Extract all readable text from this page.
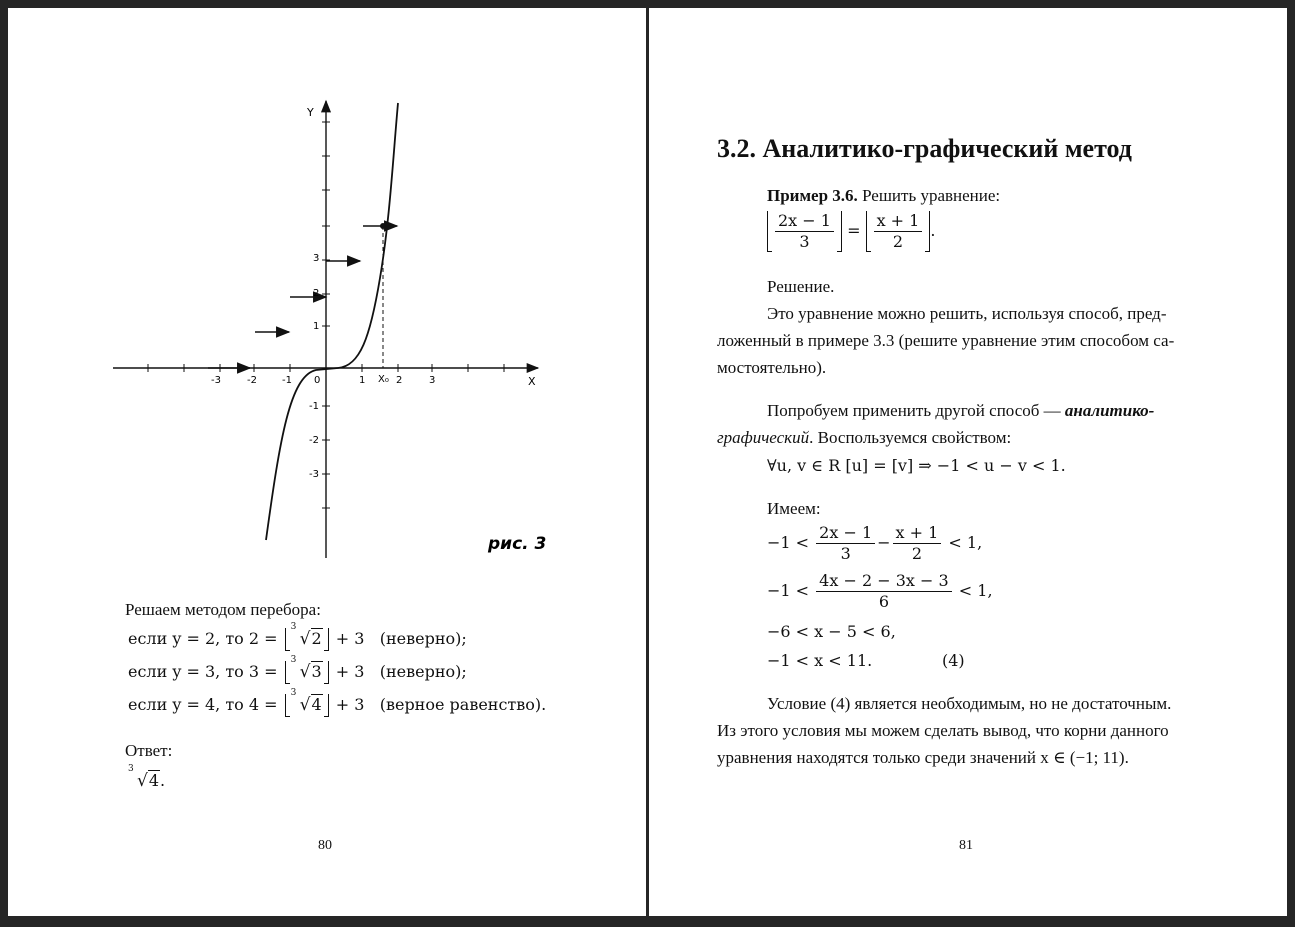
Y
X
-3	-2	-1 0	1	2	3
X₀
1
2
3
-1
-2
-3
рис. 3
Решаем методом перебора:
если y = 2, то 2 =
3
√2 + 3 (неверно);
если y = 3, то 3 =
3
√3 + 3 (неверно);
если y = 4, то 4 =
3
√4 + 3 (верное равенство).
Ответ:
3
√4.
80
3.2. Аналитико-графический метод
Пример 3.6. Решить уравнение:
$\frac{2x - 1}{3} = \frac{x + 1}{2}$ .
Решение.
Это уравнение можно решить, используя способ, пред-
ложенный в примере 3.3 (решите уравнение этим способом са-
мостоятельно).
Попробуем применить другой способ — аналитико-
графический. Воспользуемся свойством:
∀u, v ∈ R [u] = [v] ⇒ −1 < u − v < 1.
Имеем:
$-1 < \frac{2x - 1}{3} - \frac{x + 1}{2} < 1$,
$-1 < \frac{4x - 2 - 3x - 3}{6} < 1$,
−6 < x − 5 < 6,
−1 < x < 11.	(4)
Условие (4) является необходимым, но не достаточным.
Из этого условия мы можем сделать вывод, что корни данного
уравнения находятся только среди значений x ∈ (−1; 11).
81
